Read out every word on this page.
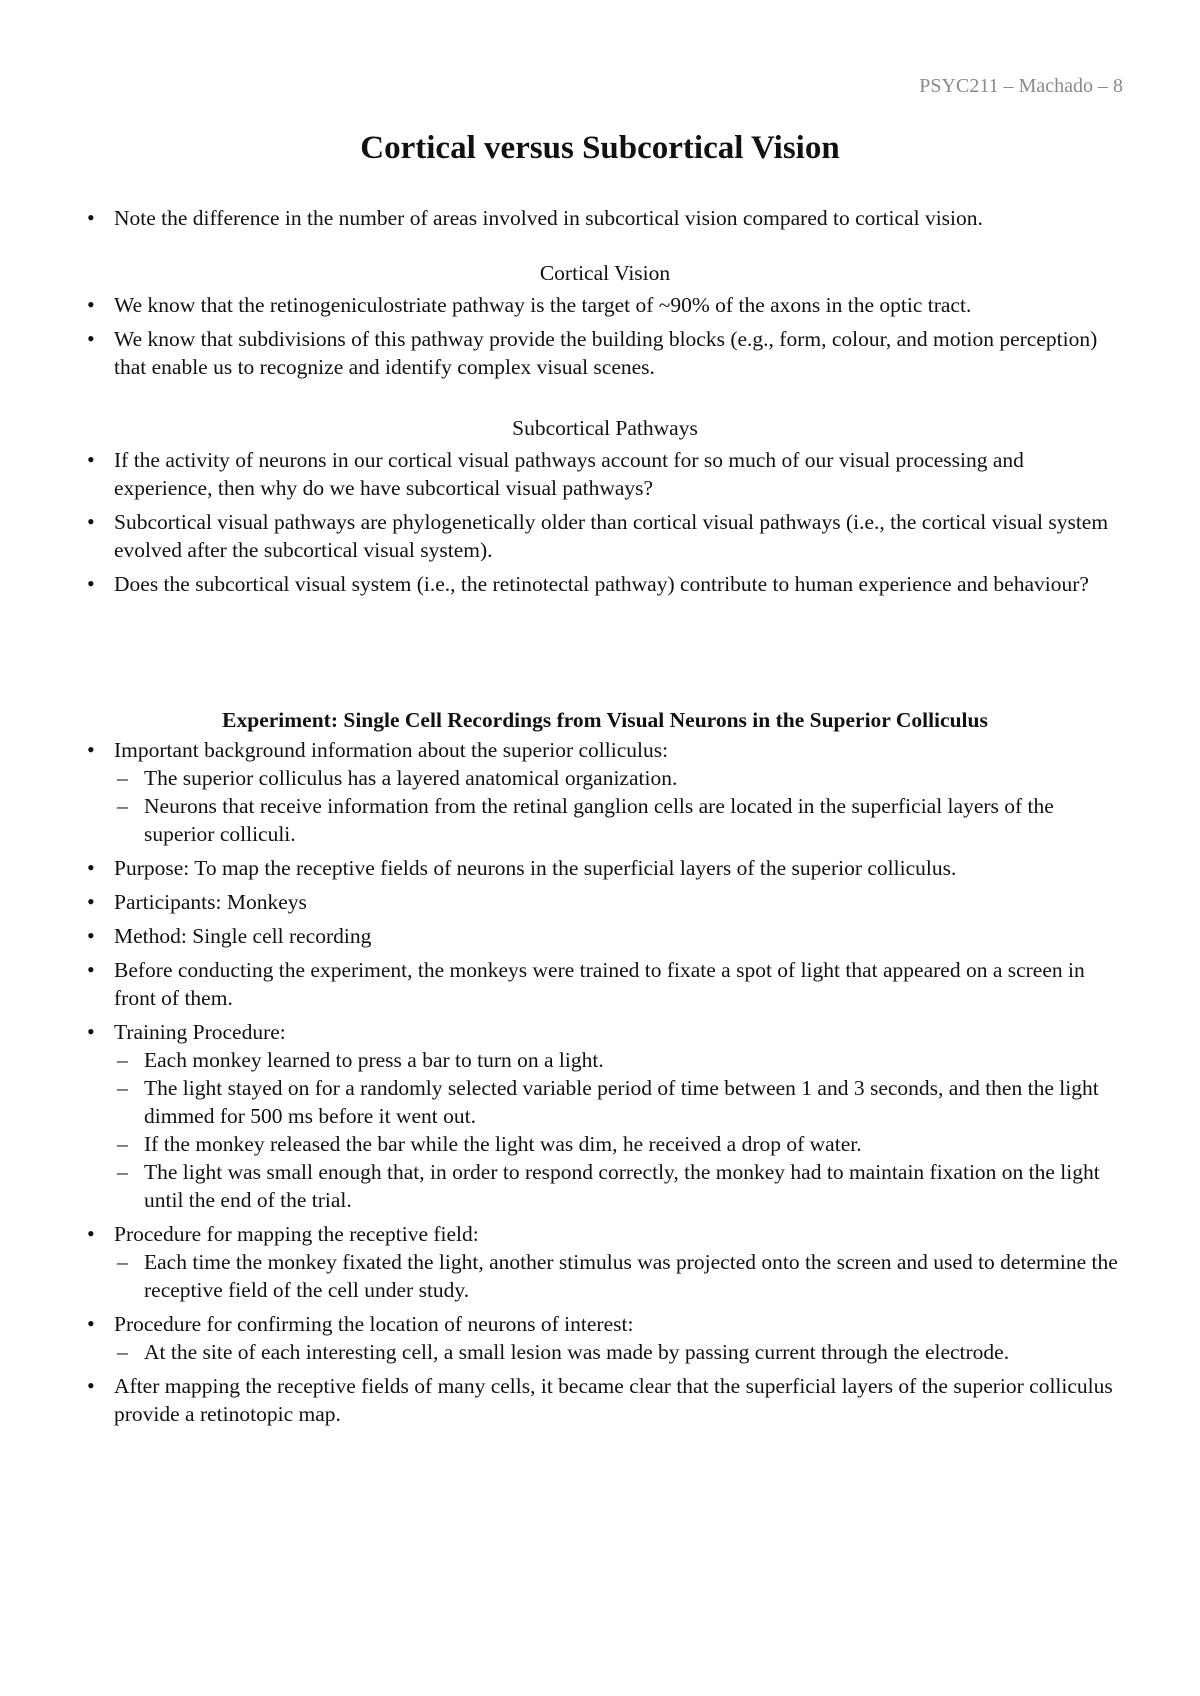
PSYC211 – Machado – 8
Cortical versus Subcortical Vision
• Note the difference in the number of areas involved in subcortical vision compared to cortical vision.
Cortical Vision
• We know that the retinogeniculostriate pathway is the target of ~90% of the axons in the optic tract.
• We know that subdivisions of this pathway provide the building blocks (e.g., form, colour, and motion perception) that enable us to recognize and identify complex visual scenes.
Subcortical Pathways
• If the activity of neurons in our cortical visual pathways account for so much of our visual processing and experience, then why do we have subcortical visual pathways?
• Subcortical visual pathways are phylogenetically older than cortical visual pathways (i.e., the cortical visual system evolved after the subcortical visual system).
• Does the subcortical visual system (i.e., the retinotectal pathway) contribute to human experience and behaviour?
Experiment: Single Cell Recordings from Visual Neurons in the Superior Colliculus
• Important background information about the superior colliculus:
– The superior colliculus has a layered anatomical organization.
– Neurons that receive information from the retinal ganglion cells are located in the superficial layers of the superior colliculi.
• Purpose: To map the receptive fields of neurons in the superficial layers of the superior colliculus.
• Participants: Monkeys
• Method: Single cell recording
• Before conducting the experiment, the monkeys were trained to fixate a spot of light that appeared on a screen in front of them.
• Training Procedure:
– Each monkey learned to press a bar to turn on a light.
– The light stayed on for a randomly selected variable period of time between 1 and 3 seconds, and then the light dimmed for 500 ms before it went out.
– If the monkey released the bar while the light was dim, he received a drop of water.
– The light was small enough that, in order to respond correctly, the monkey had to maintain fixation on the light until the end of the trial.
• Procedure for mapping the receptive field:
– Each time the monkey fixated the light, another stimulus was projected onto the screen and used to determine the receptive field of the cell under study.
• Procedure for confirming the location of neurons of interest:
– At the site of each interesting cell, a small lesion was made by passing current through the electrode.
• After mapping the receptive fields of many cells, it became clear that the superficial layers of the superior colliculus provide a retinotopic map.
